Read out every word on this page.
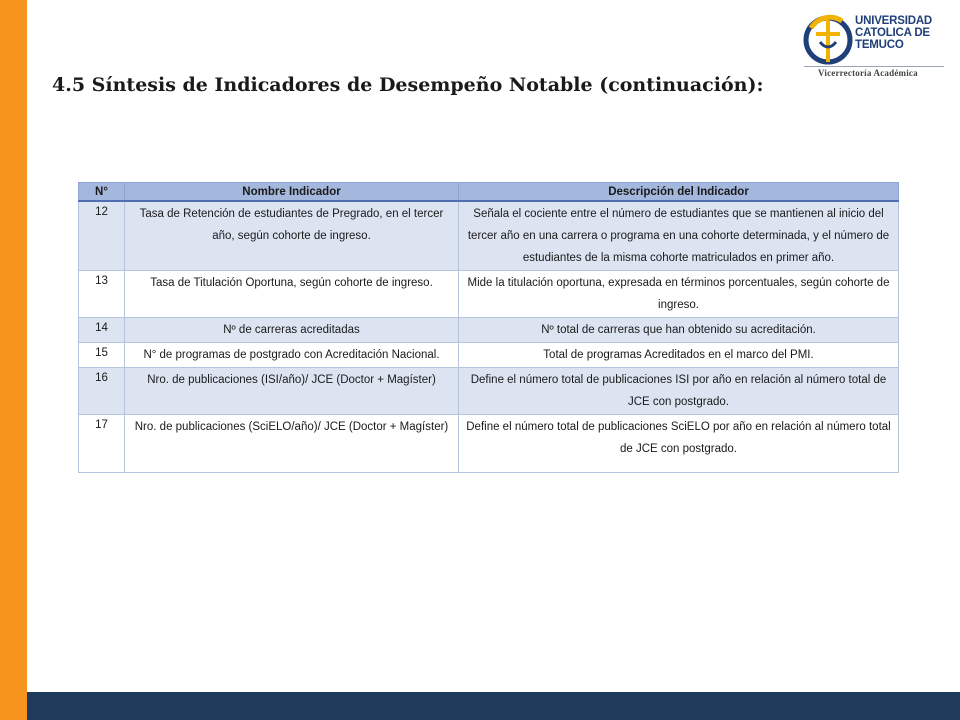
UNIVERSIDAD
CATOLICA DE
TEMUCO
Vicerrectoría Académica
4.5 Síntesis de Indicadores de Desempeño Notable (continuación):
N°	Nombre Indicador	Descripción del Indicador
12	Tasa de Retención de estudiantes de Pregrado, en el tercer año, según cohorte de ingreso.	Señala el cociente entre el número de estudiantes que se mantienen al inicio del tercer año en una carrera o programa en una cohorte determinada, y el número de estudiantes de la misma cohorte matriculados en primer año.
13	Tasa de Titulación Oportuna, según cohorte de ingreso.	Mide la titulación oportuna, expresada en términos porcentuales, según cohorte de ingreso.
14	Nº de carreras acreditadas	Nº total de carreras que han obtenido su acreditación.
15	N° de programas de postgrado con Acreditación Nacional.	Total de programas Acreditados en el marco del PMI.
16	Nro. de publicaciones (ISI/año)/ JCE (Doctor + Magíster)	Define el número total de publicaciones ISI por año en relación al número total de JCE con postgrado.
17	Nro. de publicaciones (SciELO/año)/ JCE (Doctor + Magíster)	Define el número total de publicaciones SciELO por año en relación al número total de JCE con postgrado.
